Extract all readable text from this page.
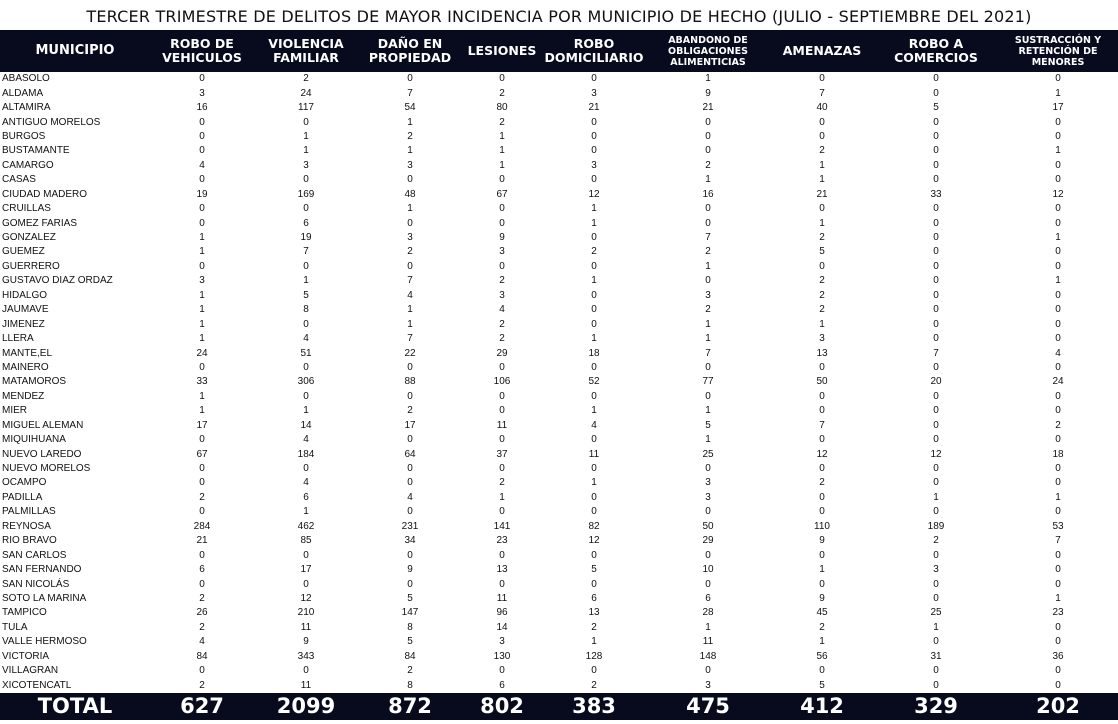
TERCER TRIMESTRE DE DELITOS DE MAYOR INCIDENCIA POR MUNICIPIO DE HECHO (JULIO - SEPTIEMBRE DEL 2021)
MUNICIPIO	ROBO DE VEHICULOS	VIOLENCIA FAMILIAR	DAÑO EN PROPIEDAD	LESIONES	ROBO DOMICILIARIO	ABANDONO DE OBLIGACIONES ALIMENTICIAS	AMENAZAS	ROBO A COMERCIOS	SUSTRACCIÓN Y RETENCIÓN DE MENORES
ABASOLO	0	2	0	0	0	1	0	0	0
ALDAMA	3	24	7	2	3	9	7	0	1
ALTAMIRA	16	117	54	80	21	21	40	5	17
ANTIGUO MORELOS	0	0	1	2	0	0	0	0	0
BURGOS	0	1	2	1	0	0	0	0	0
BUSTAMANTE	0	1	1	1	0	0	2	0	1
CAMARGO	4	3	3	1	3	2	1	0	0
CASAS	0	0	0	0	0	1	1	0	0
CIUDAD MADERO	19	169	48	67	12	16	21	33	12
CRUILLAS	0	0	1	0	1	0	0	0	0
GOMEZ FARIAS	0	6	0	0	1	0	1	0	0
GONZALEZ	1	19	3	9	0	7	2	0	1
GUEMEZ	1	7	2	3	2	2	5	0	0
GUERRERO	0	0	0	0	0	1	0	0	0
GUSTAVO DIAZ ORDAZ	3	1	7	2	1	0	2	0	1
HIDALGO	1	5	4	3	0	3	2	0	0
JAUMAVE	1	8	1	4	0	2	2	0	0
JIMENEZ	1	0	1	2	0	1	1	0	0
LLERA	1	4	7	2	1	1	3	0	0
MANTE,EL	24	51	22	29	18	7	13	7	4
MAINERO	0	0	0	0	0	0	0	0	0
MATAMOROS	33	306	88	106	52	77	50	20	24
MENDEZ	1	0	0	0	0	0	0	0	0
MIER	1	1	2	0	1	1	0	0	0
MIGUEL ALEMAN	17	14	17	11	4	5	7	0	2
MIQUIHUANA	0	4	0	0	0	1	0	0	0
NUEVO LAREDO	67	184	64	37	11	25	12	12	18
NUEVO MORELOS	0	0	0	0	0	0	0	0	0
OCAMPO	0	4	0	2	1	3	2	0	0
PADILLA	2	6	4	1	0	3	0	1	1
PALMILLAS	0	1	0	0	0	0	0	0	0
REYNOSA	284	462	231	141	82	50	110	189	53
RIO BRAVO	21	85	34	23	12	29	9	2	7
SAN CARLOS	0	0	0	0	0	0	0	0	0
SAN FERNANDO	6	17	9	13	5	10	1	3	0
SAN NICOLÁS	0	0	0	0	0	0	0	0	0
SOTO LA MARINA	2	12	5	11	6	6	9	0	1
TAMPICO	26	210	147	96	13	28	45	25	23
TULA	2	11	8	14	2	1	2	1	0
VALLE HERMOSO	4	9	5	3	1	11	1	0	0
VICTORIA	84	343	84	130	128	148	56	31	36
VILLAGRAN	0	0	2	0	0	0	0	0	0
XICOTENCATL	2	11	8	6	2	3	5	0	0
TOTAL	627	2099	872	802	383	475	412	329	202
